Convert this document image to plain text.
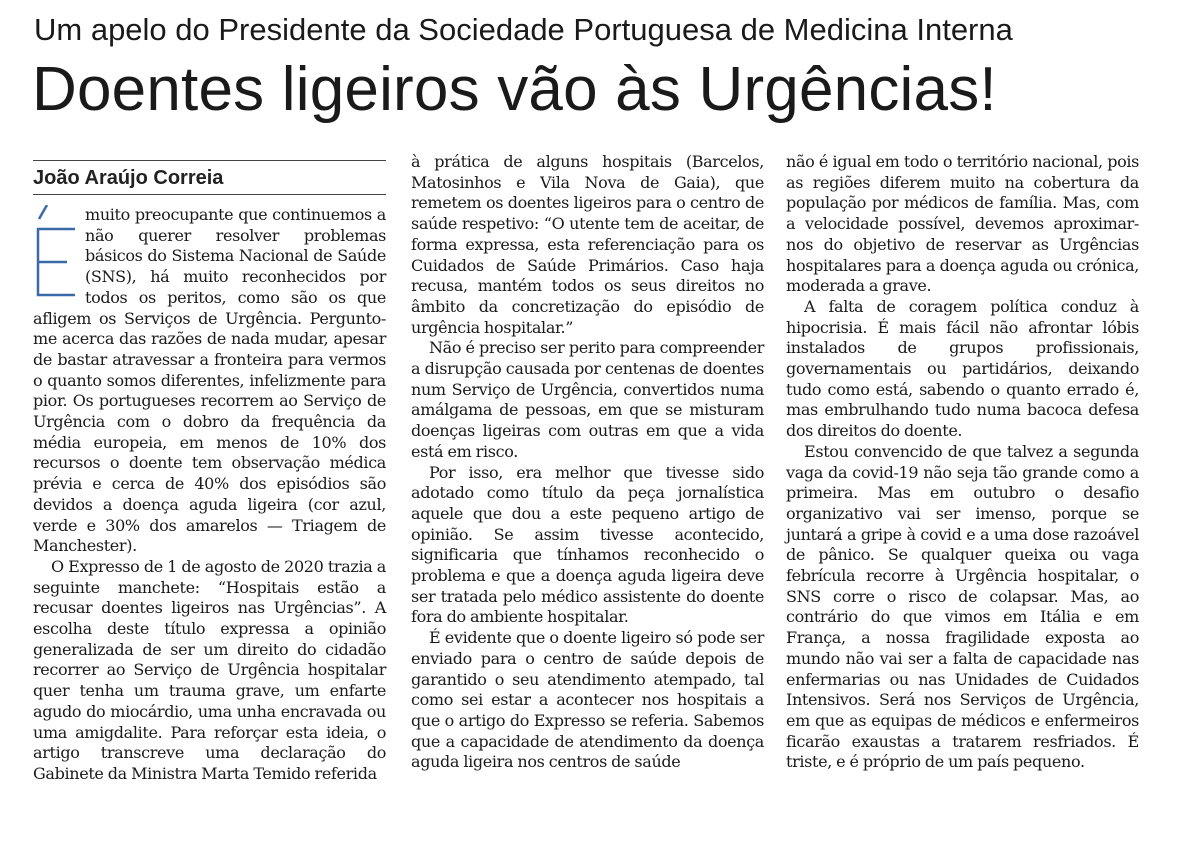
Um apelo do Presidente da Sociedade Portuguesa de Medicina Interna
Doentes ligeiros vão às Urgências!
João Araújo Correia

muito preocupante que continuemos a não querer resolver problemas básicos do Sistema Nacional de Saúde (SNS), há muito reconhecidos por todos os peritos, como são os que afligem os Serviços de Urgência. Pergunto-me acerca das razões de nada mudar, apesar de bastar atravessar a fronteira para vermos o quanto somos diferentes, infelizmente para pior. Os portugueses recorrem ao Serviço de Urgência com o dobro da frequência da média europeia, em menos de 10% dos recursos o doente tem observação médica prévia e cerca de 40% dos episódios são devidos a doença aguda ligeira (cor azul, verde e 30% dos amarelos — Triagem de Manchester).

O Expresso de 1 de agosto de 2020 trazia a seguinte manchete: “Hospitais estão a recusar doentes ligeiros nas Urgências”. A escolha deste título expressa a opinião generalizada de ser um direito do cidadão recorrer ao Serviço de Urgência hospitalar quer tenha um trauma grave, um enfarte agudo do miocárdio, uma unha encravada ou uma amigdalite. Para reforçar esta ideia, o artigo transcreve uma declaração do Gabinete da Ministra Marta Temido referida

à prática de alguns hospitais (Barcelos, Matosinhos e Vila Nova de Gaia), que remetem os doentes ligeiros para o centro de saúde respetivo: “O utente tem de aceitar, de forma expressa, esta referenciação para os Cuidados de Saúde Primários. Caso haja recusa, mantém todos os seus direitos no âmbito da concretização do episódio de urgência hospitalar.”

Não é preciso ser perito para compreender a disrupção causada por centenas de doentes num Serviço de Urgência, convertidos numa amálgama de pessoas, em que se misturam doenças ligeiras com outras em que a vida está em risco.

Por isso, era melhor que tivesse sido adotado como título da peça jornalística aquele que dou a este pequeno artigo de opinião. Se assim tivesse acontecido, significaria que tínhamos reconhecido o problema e que a doença aguda ligeira deve ser tratada pelo médico assistente do doente fora do ambiente hospitalar.

É evidente que o doente ligeiro só pode ser enviado para o centro de saúde depois de garantido o seu atendimento atempado, tal como sei estar a acontecer nos hospitais a que o artigo do Expresso se referia. Sabemos que a capacidade de atendimento da doença aguda ligeira nos centros de saúde

não é igual em todo o território nacional, pois as regiões diferem muito na cobertura da população por médicos de família. Mas, com a velocidade possível, devemos aproximar-nos do objetivo de reservar as Urgências hospitalares para a doença aguda ou crónica, moderada a grave.

A falta de coragem política conduz à hipocrisia. É mais fácil não afrontar lóbis instalados de grupos profissionais, governamentais ou partidários, deixando tudo como está, sabendo o quanto errado é, mas embrulhando tudo numa bacoca defesa dos direitos do doente.

Estou convencido de que talvez a segunda vaga da covid-19 não seja tão grande como a primeira. Mas em outubro o desafio organizativo vai ser imenso, porque se juntará a gripe à covid e a uma dose razoável de pânico. Se qualquer queixa ou vaga febrícula recorre à Urgência hospitalar, o SNS corre o risco de colapsar. Mas, ao contrário do que vimos em Itália e em França, a nossa fragilidade exposta ao mundo não vai ser a falta de capacidade nas enfermarias ou nas Unidades de Cuidados Intensivos. Será nos Serviços de Urgência, em que as equipas de médicos e enfermeiros ficarão exaustas a tratarem resfriados. É triste, e é próprio de um país pequeno.
